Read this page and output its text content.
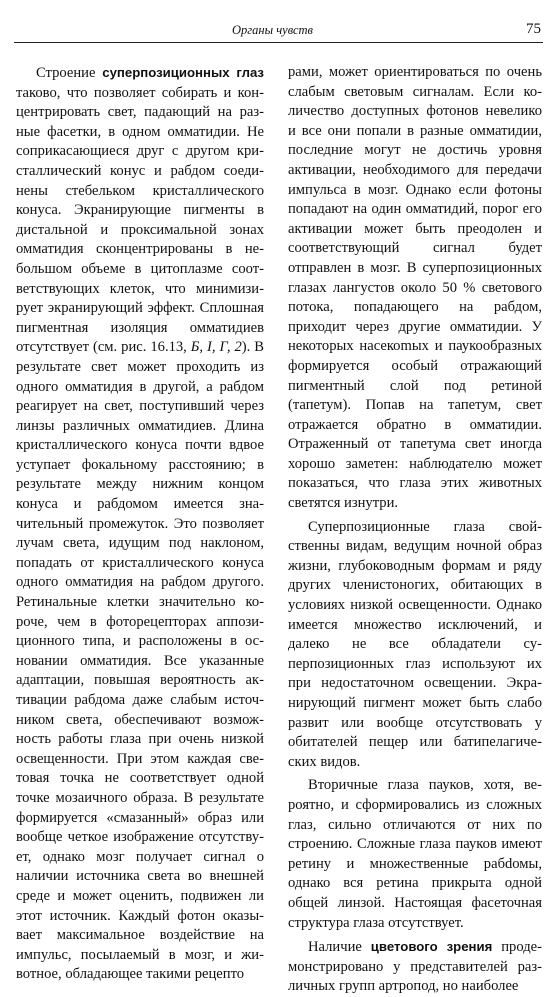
Органы чувств	75

Строение суперпозиционных глаз таково, что позволяет собирать и концентрировать свет, падающий на разные фасетки, в одном омматидии. Не соприкасающиеся друг с другом кристаллический конус и рабдом соединены стебельком кристаллического конуса. Экранирующие пигменты в дистальной и проксимальной зонах омматидия сконцентрированы в небольшом объеме в цитоплазме соответствующих клеток, что минимизирует экранирующий эффект. Сплошная пигментная изоляция омматидиев отсутствует (см. рис. 16.13, Б, I, Г, 2). В результате свет может проходить из одного омматидия в другой, а рабдом реагирует на свет, поступивший через линзы различных омматидиев. Длина кристаллического конуса почти вдвое уступает фокальному расстоянию; в результате между нижним концом конуса и рабдомом имеется значительный промежуток. Это позволяет лучам света, идущим под наклоном, попадать от кристаллического конуса одного омматидия на рабдом другого. Ретинальные клетки значительно короче, чем в фоторецепторах аппозиционного типа, и расположены в основании омматидия. Все указанные адаптации, повышая вероятность активации рабдома даже слабым источником света, обеспечивают возможность работы глаза при очень низкой освещенности. При этом каждая световая точка не соответствует одной точке мозаичного образа. В результате формируется «смазанный» образ или вообще четкое изображение отсутствует, однако мозг получает сигнал о наличии источника света во внешней среде и может оценить, подвижен ли этот источник. Каждый фотон оказывает максимальное воздействие на импульс, посылаемый в мозг, и животное, обладающее такими рецепто

рами, может ориентироваться по очень слабым световым сигналам. Если количество доступных фотонов невелико и все они попали в разные омматидии, последние могут не достичь уровня активации, необходимого для передачи импульса в мозг. Однако если фотоны попадают на один омматидий, порог его активации может быть преодолен и соответствующий сигнал будет отправлен в мозг. В суперпозиционных глазах лангустов около 50 % светового потока, попадающего на рабдом, приходит через другие омматидии. У некоторых насекоmых и паукообразных формируется особый отражающий пигментный слой под ретиной (тапетум). Попав на тапетум, свет отражается обратно в омматидии. Отраженный от тапетума свет иногда хорошо заметен: наблюдателю может показаться, что глаза этих животных светятся изнутри.

Суперпозиционные глаза свойственны видам, ведущим ночной образ жизни, глубоководным формам и ряду других членистоногих, обитающих в условиях низкой освещенности. Однако имеется множество исключений, и далеко не все обладатели суперпозиционных глаз используют их при недостаточном освещении. Экранирующий пигмент может быть слабо развит или вообще отсутствовать у обитателей пещер или батипелагических видов.

Вторичные глаза пауков, хотя, вероятно, и сформировались из сложных глаз, сильно отличаются от них по строению. Сложные глаза пауков имеют ретину и множественные рабdомы, однако вся ретина прикрыта одной общей линзой. Настоящая фасеточная структура глаза отсутствует.

Наличие цветового зрения продемонстрировано у представителей различных групп артропод, но наиболее
